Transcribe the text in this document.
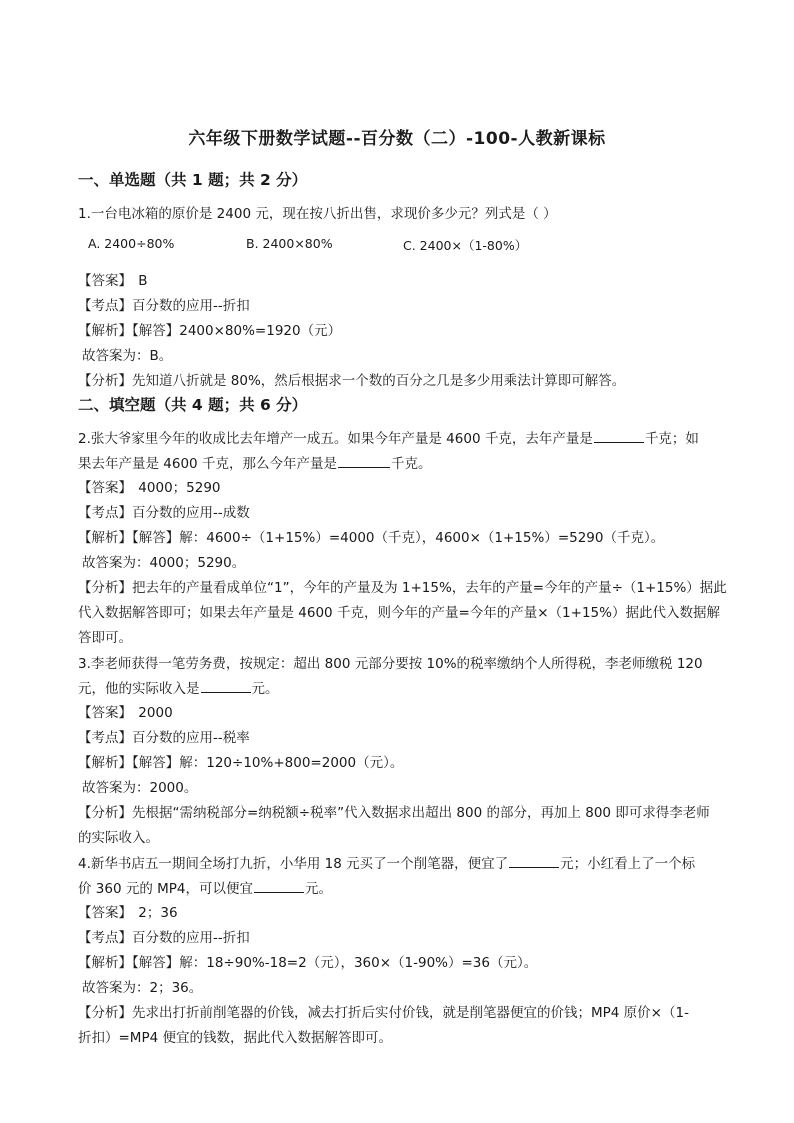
六年级下册数学试题--百分数（二）-100-人教新课标
一、单选题（共 1 题；共 2 分）
1.一台电冰箱的原价是 2400 元，现在按八折出售，求现价多少元？列式是（ ）
A. 2400÷80%	B. 2400×80%	C. 2400×（1-80%）
【答案】 B
【考点】百分数的应用--折扣
【解析】【解答】2400×80%=1920（元）
故答案为：B。
【分析】先知道八折就是 80%，然后根据求一个数的百分之几是多少用乘法计算即可解答。
二、填空题（共 4 题；共 6 分）
2.张大爷家里今年的收成比去年增产一成五。如果今年产量是 4600 千克，去年产量是	千克；如
果去年产量是 4600 千克，那么今年产量是	千克。
【答案】 4000；5290
【考点】百分数的应用--成数
【解析】【解答】解：4600÷（1+15%）=4000（千克），4600×（1+15%）=5290（千克）。
故答案为：4000；5290。
【分析】把去年的产量看成单位“1”，今年的产量及为 1+15%，去年的产量=今年的产量÷（1+15%）据此
代入数据解答即可；如果去年产量是 4600 千克，则今年的产量=今年的产量×（1+15%）据此代入数据解
答即可。
3.李老师获得一笔劳务费，按规定：超出 800 元部分要按 10%的税率缴纳个人所得税，李老师缴税 120
元，他的实际收入是	元。
【答案】 2000
【考点】百分数的应用--税率
【解析】【解答】解：120÷10%+800=2000（元）。
故答案为：2000。
【分析】先根据“需纳税部分=纳税额÷税率”代入数据求出超出 800 的部分，再加上 800 即可求得李老师
的实际收入。
4.新华书店五一期间全场打九折，小华用 18 元买了一个削笔器，便宜了	元；小红看上了一个标
价 360 元的 MP4，可以便宜	元。
【答案】 2；36
【考点】百分数的应用--折扣
【解析】【解答】解：18÷90%-18=2（元），360×（1-90%）=36（元）。
故答案为：2；36。
【分析】先求出打折前削笔器的价钱，减去打折后实付价钱，就是削笔器便宜的价钱；MP4 原价×（1-
折扣）=MP4 便宜的钱数，据此代入数据解答即可。
